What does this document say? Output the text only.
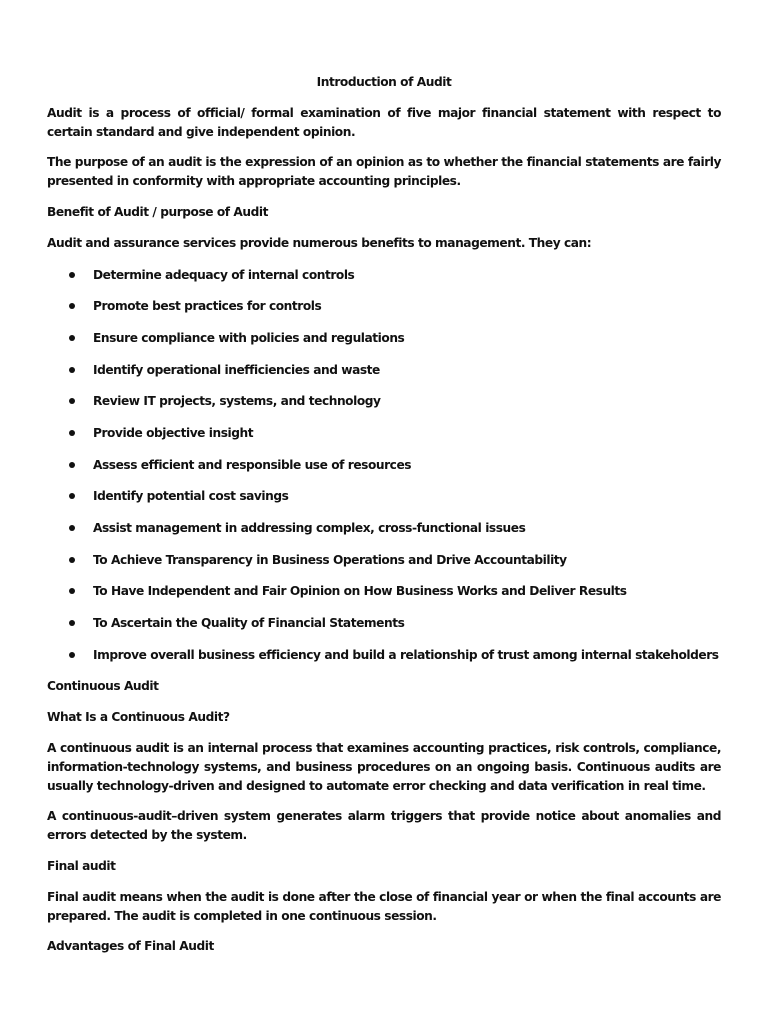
Introduction of Audit

Audit is a process of official/ formal examination of five major financial statement with respect to certain standard and give independent opinion.

The purpose of an audit is the expression of an opinion as to whether the financial statements are fairly presented in conformity with appropriate accounting principles.

Benefit of Audit / purpose of Audit

Audit and assurance services provide numerous benefits to management. They can:

Determine adequacy of internal controls
Promote best practices for controls
Ensure compliance with policies and regulations
Identify operational inefficiencies and waste
Review IT projects, systems, and technology
Provide objective insight
Assess efficient and responsible use of resources
Identify potential cost savings
Assist management in addressing complex, cross-functional issues
To Achieve Transparency in Business Operations and Drive Accountability
To Have Independent and Fair Opinion on How Business Works and Deliver Results
To Ascertain the Quality of Financial Statements
Improve overall business efficiency and build a relationship of trust among internal stakeholders

Continuous Audit

What Is a Continuous Audit?

A continuous audit is an internal process that examines accounting practices, risk controls, compliance, information-technology systems, and business procedures on an ongoing basis. Continuous audits are usually technology-driven and designed to automate error checking and data verification in real time.

A continuous-audit–driven system generates alarm triggers that provide notice about anomalies and errors detected by the system.

Final audit

Final audit means when the audit is done after the close of financial year or when the final accounts are prepared. The audit is completed in one continuous session.

Advantages of Final Audit
